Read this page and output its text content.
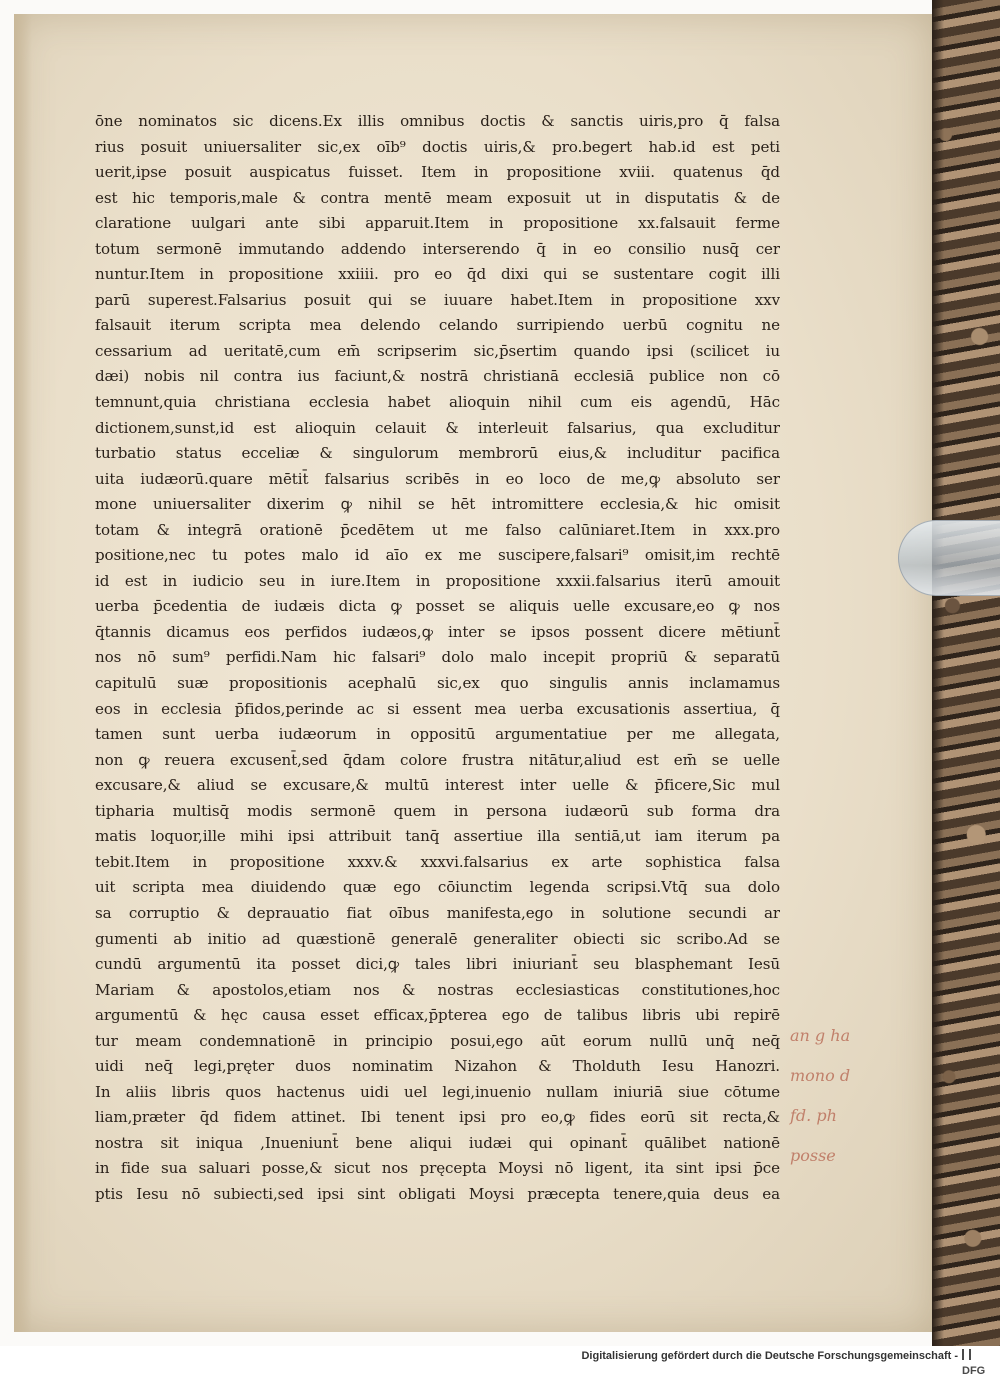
ōne nominatos sic dicens.Ex illis omnibus doctis & sanctis uiris,pro q̄ falsa
rius posuit uniuersaliter sic,ex oīb⁹ doctis uiris,& pro.begert hab.id est peti
uerit,ipse posuit auspicatus fuisset. Item in propositione xviii. quatenus q̄d
est hic temporis,male & contra mentē meam exposuit ut in disputatis & de
claratione uulgari ante sibi apparuit.Item in propositione xx.falsauit ferme
totum sermonē immutando addendo interserendo q̄ in eo consilio nusq̄ cer
nuntur.Item in propositione xxiiii. pro eo q̄d dixi qui se sustentare cogit illi
parū superest.Falsarius posuit qui se iuuare habet.Item in propositione xxv
falsauit iterum scripta mea delendo celando surripiendo uerbū cognitu ne
cessarium ad ueritatē,cum em̄ scripserim sic,p̄sertim quando ipsi (scilicet iu
dæi) nobis nil contra ius faciunt,& nostrā christianā ecclesiā publice non cō
temnunt,quia christiana ecclesia habet alioquin nihil cum eis agendū, Hāc
dictionem,sunst,id est alioquin celauit & interleuit falsarius, qua excluditur
turbatio status ecceliæ & singulorum membrorū eius,& includitur pacifica
uita iudæorū.quare mētit̄ falsarius scribēs in eo loco de me,ꝙ absoluto ser
mone uniuersaliter dixerim ꝙ nihil se hēt intromittere ecclesia,& hic omisit
totam & integrā orationē p̄cedētem ut me falso calūniaret.Item in xxx.pro
positione,nec tu potes malo id aīo ex me suscipere,falsari⁹ omisit,im rechtē
id est in iudicio seu in iure.Item in propositione xxxii.falsarius iterū amouit
uerba p̄cedentia de iudæis dicta ꝙ posset se aliquis uelle excusare,eo ꝙ nos
q̄tannis dicamus eos perfidos iudæos,ꝙ inter se ipsos possent dicere mētiunt̄
nos nō sum⁹ perfidi.Nam hic falsari⁹ dolo malo incepit propriū & separatū
capitulū suæ propositionis acephalū sic,ex quo singulis annis inclamamus
eos in ecclesia p̄fidos,perinde ac si essent mea uerba excusationis assertiua, q̄
tamen sunt uerba iudæorum in oppositū argumentatiue per me allegata,
non ꝙ reuera excusent̄,sed q̄dam colore frustra nitātur,aliud est em̄ se uelle
excusare,& aliud se excusare,& multū interest inter uelle & p̄ficere,Sic mul
tipharia multisq̄ modis sermonē quem in persona iudæorū sub forma dra
matis loquor,ille mihi ipsi attribuit tanq̄ assertiue illa sentiā,ut iam iterum pa
tebit.Item in propositione xxxv.& xxxvi.falsarius ex arte sophistica falsa
uit scripta mea diuidendo quæ ego cōiunctim legenda scripsi.Vtq̄ sua dolo
sa corruptio & deprauatio fiat oībus manifesta,ego in solutione secundi ar
gumenti ab initio ad quæstionē generalē generaliter obiecti sic scribo.Ad se
cundū argumentū ita posset dici,ꝙ tales libri iniuriant̄ seu blasphemant Iesū
Mariam & apostolos,etiam nos & nostras ecclesiasticas constitutiones,hoc
argumentū & hęc causa esset efficax,p̄pterea ego de talibus libris ubi repirē
tur meam condemnationē in principio posui,ego aūt eorum nullū unq̄ neq̄
uidi neq̄ legi,pręter duos nominatim Nizahon & Tholduth Iesu Hanozri.
In aliis libris quos hactenus uidi uel legi,inuenio nullam iniuriā siue cōtume
liam,præter q̄d fidem attinet. Ibi tenent ipsi pro eo,ꝙ fides eorū sit recta,&
nostra sit iniqua ,Inueniunt̄ bene aliqui iudæi qui opinant̄ quālibet nationē
in fide sua saluari posse,& sicut nos pręcepta Moysi nō ligent, ita sint ipsi p̄ce
ptis Iesu nō subiecti,sed ipsi sint obligati Moysi præcepta tenere,quia deus ea
an g ha
mono d
fd. ph
posse
Digitalisierung gefördert durch die Deutsche Forschungsgemeinschaft -
DFG
